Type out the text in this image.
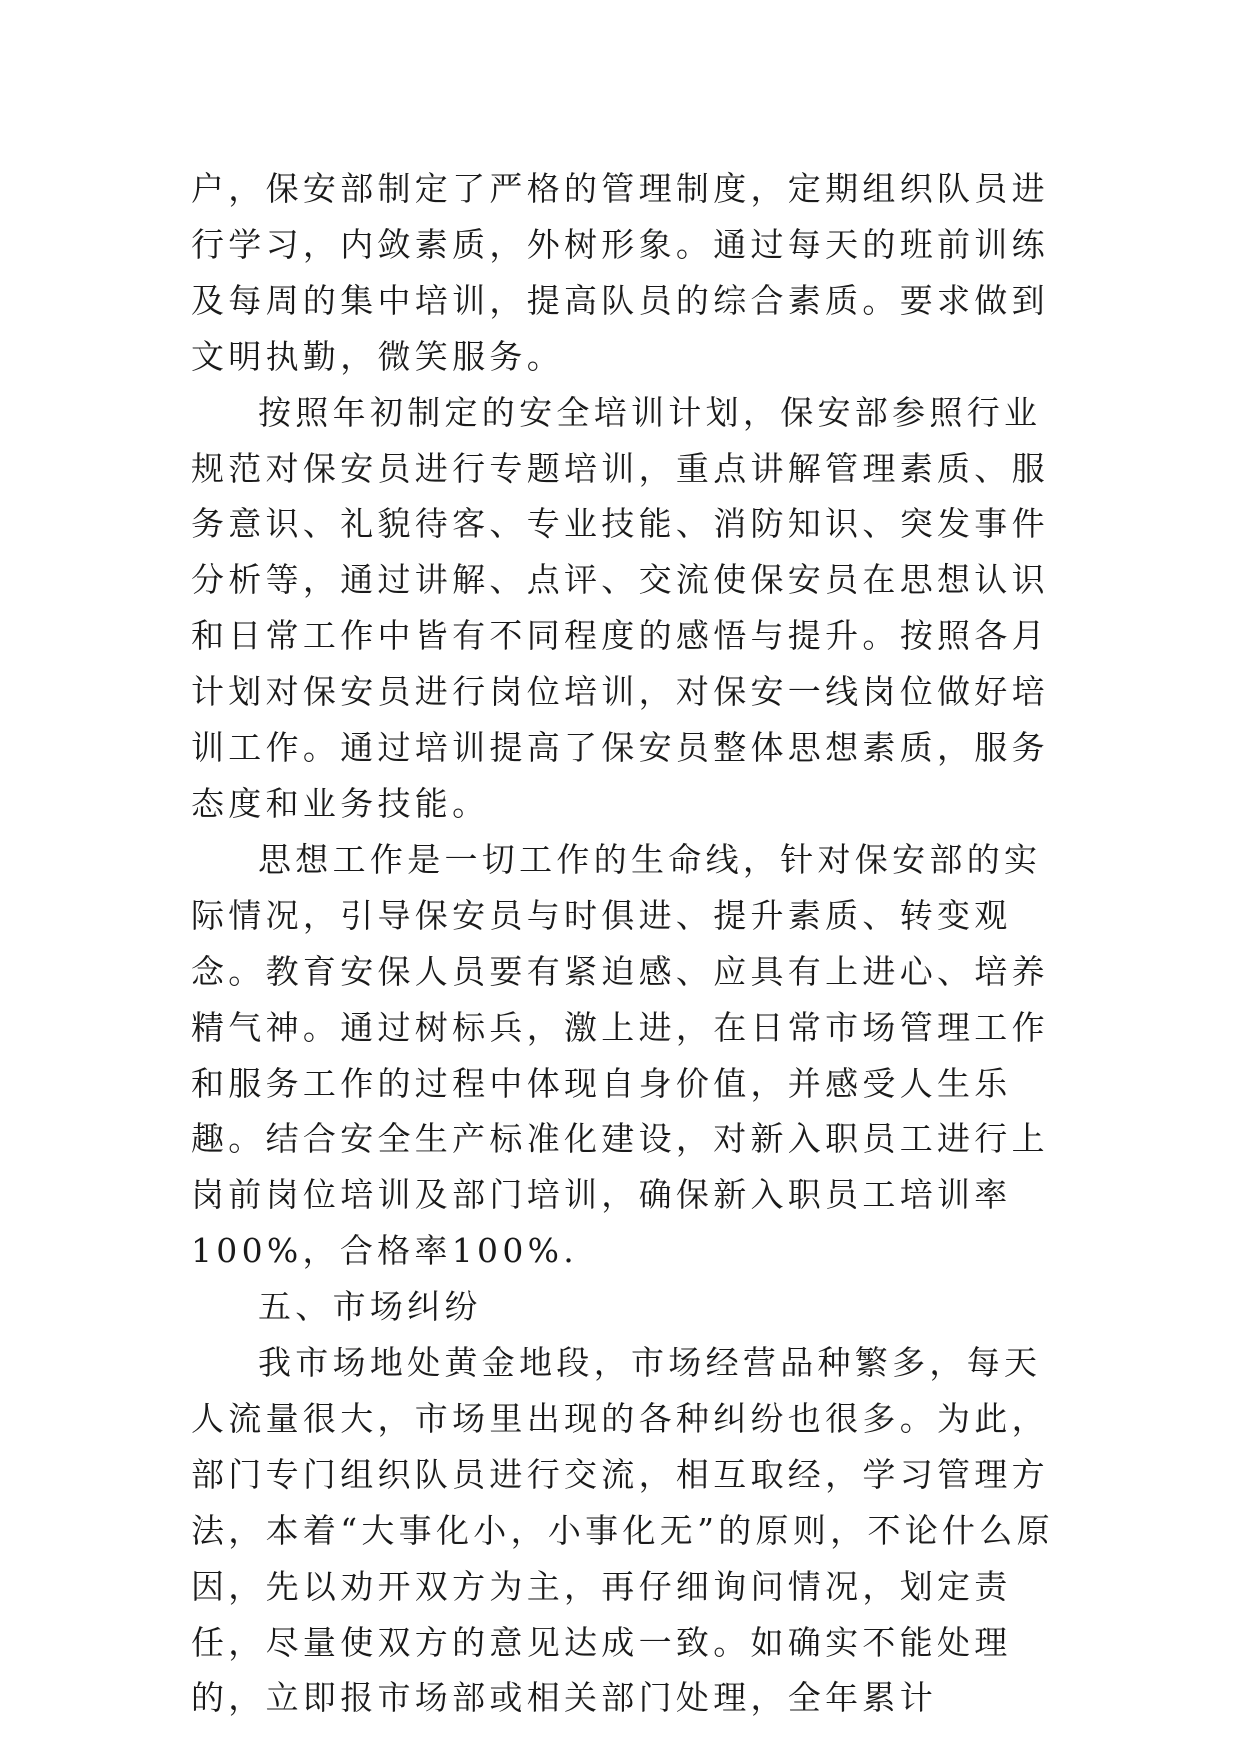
户，保安部制定了严格的管理制度，定期组织队员进行学习，内敛素质，外树形象。通过每天的班前训练及每周的集中培训，提高队员的综合素质。要求做到文明执勤，微笑服务。

按照年初制定的安全培训计划，保安部参照行业规范对保安员进行专题培训，重点讲解管理素质、服务意识、礼貌待客、专业技能、消防知识、突发事件分析等，通过讲解、点评、交流使保安员在思想认识和日常工作中皆有不同程度的感悟与提升。按照各月计划对保安员进行岗位培训，对保安一线岗位做好培训工作。通过培训提高了保安员整体思想素质，服务态度和业务技能。

思想工作是一切工作的生命线，针对保安部的实际情况，引导保安员与时俱进、提升素质、转变观念。教育安保人员要有紧迫感、应具有上进心、培养精气神。通过树标兵，激上进，在日常市场管理工作和服务工作的过程中体现自身价值，并感受人生乐趣。结合安全生产标准化建设，对新入职员工进行上岗前岗位培训及部门培训，确保新入职员工培训率100%，合格率100%.

五、市场纠纷

我市场地处黄金地段，市场经营品种繁多，每天人流量很大，市场里出现的各种纠纷也很多。为此，部门专门组织队员进行交流，相互取经，学习管理方法，本着“大事化小，小事化无”的原则，不论什么原因，先以劝开双方为主，再仔细询问情况，划定责任，尽量使双方的意见达成一致。如确实不能处理的，立即报市场部或相关部门处理，全年累计
